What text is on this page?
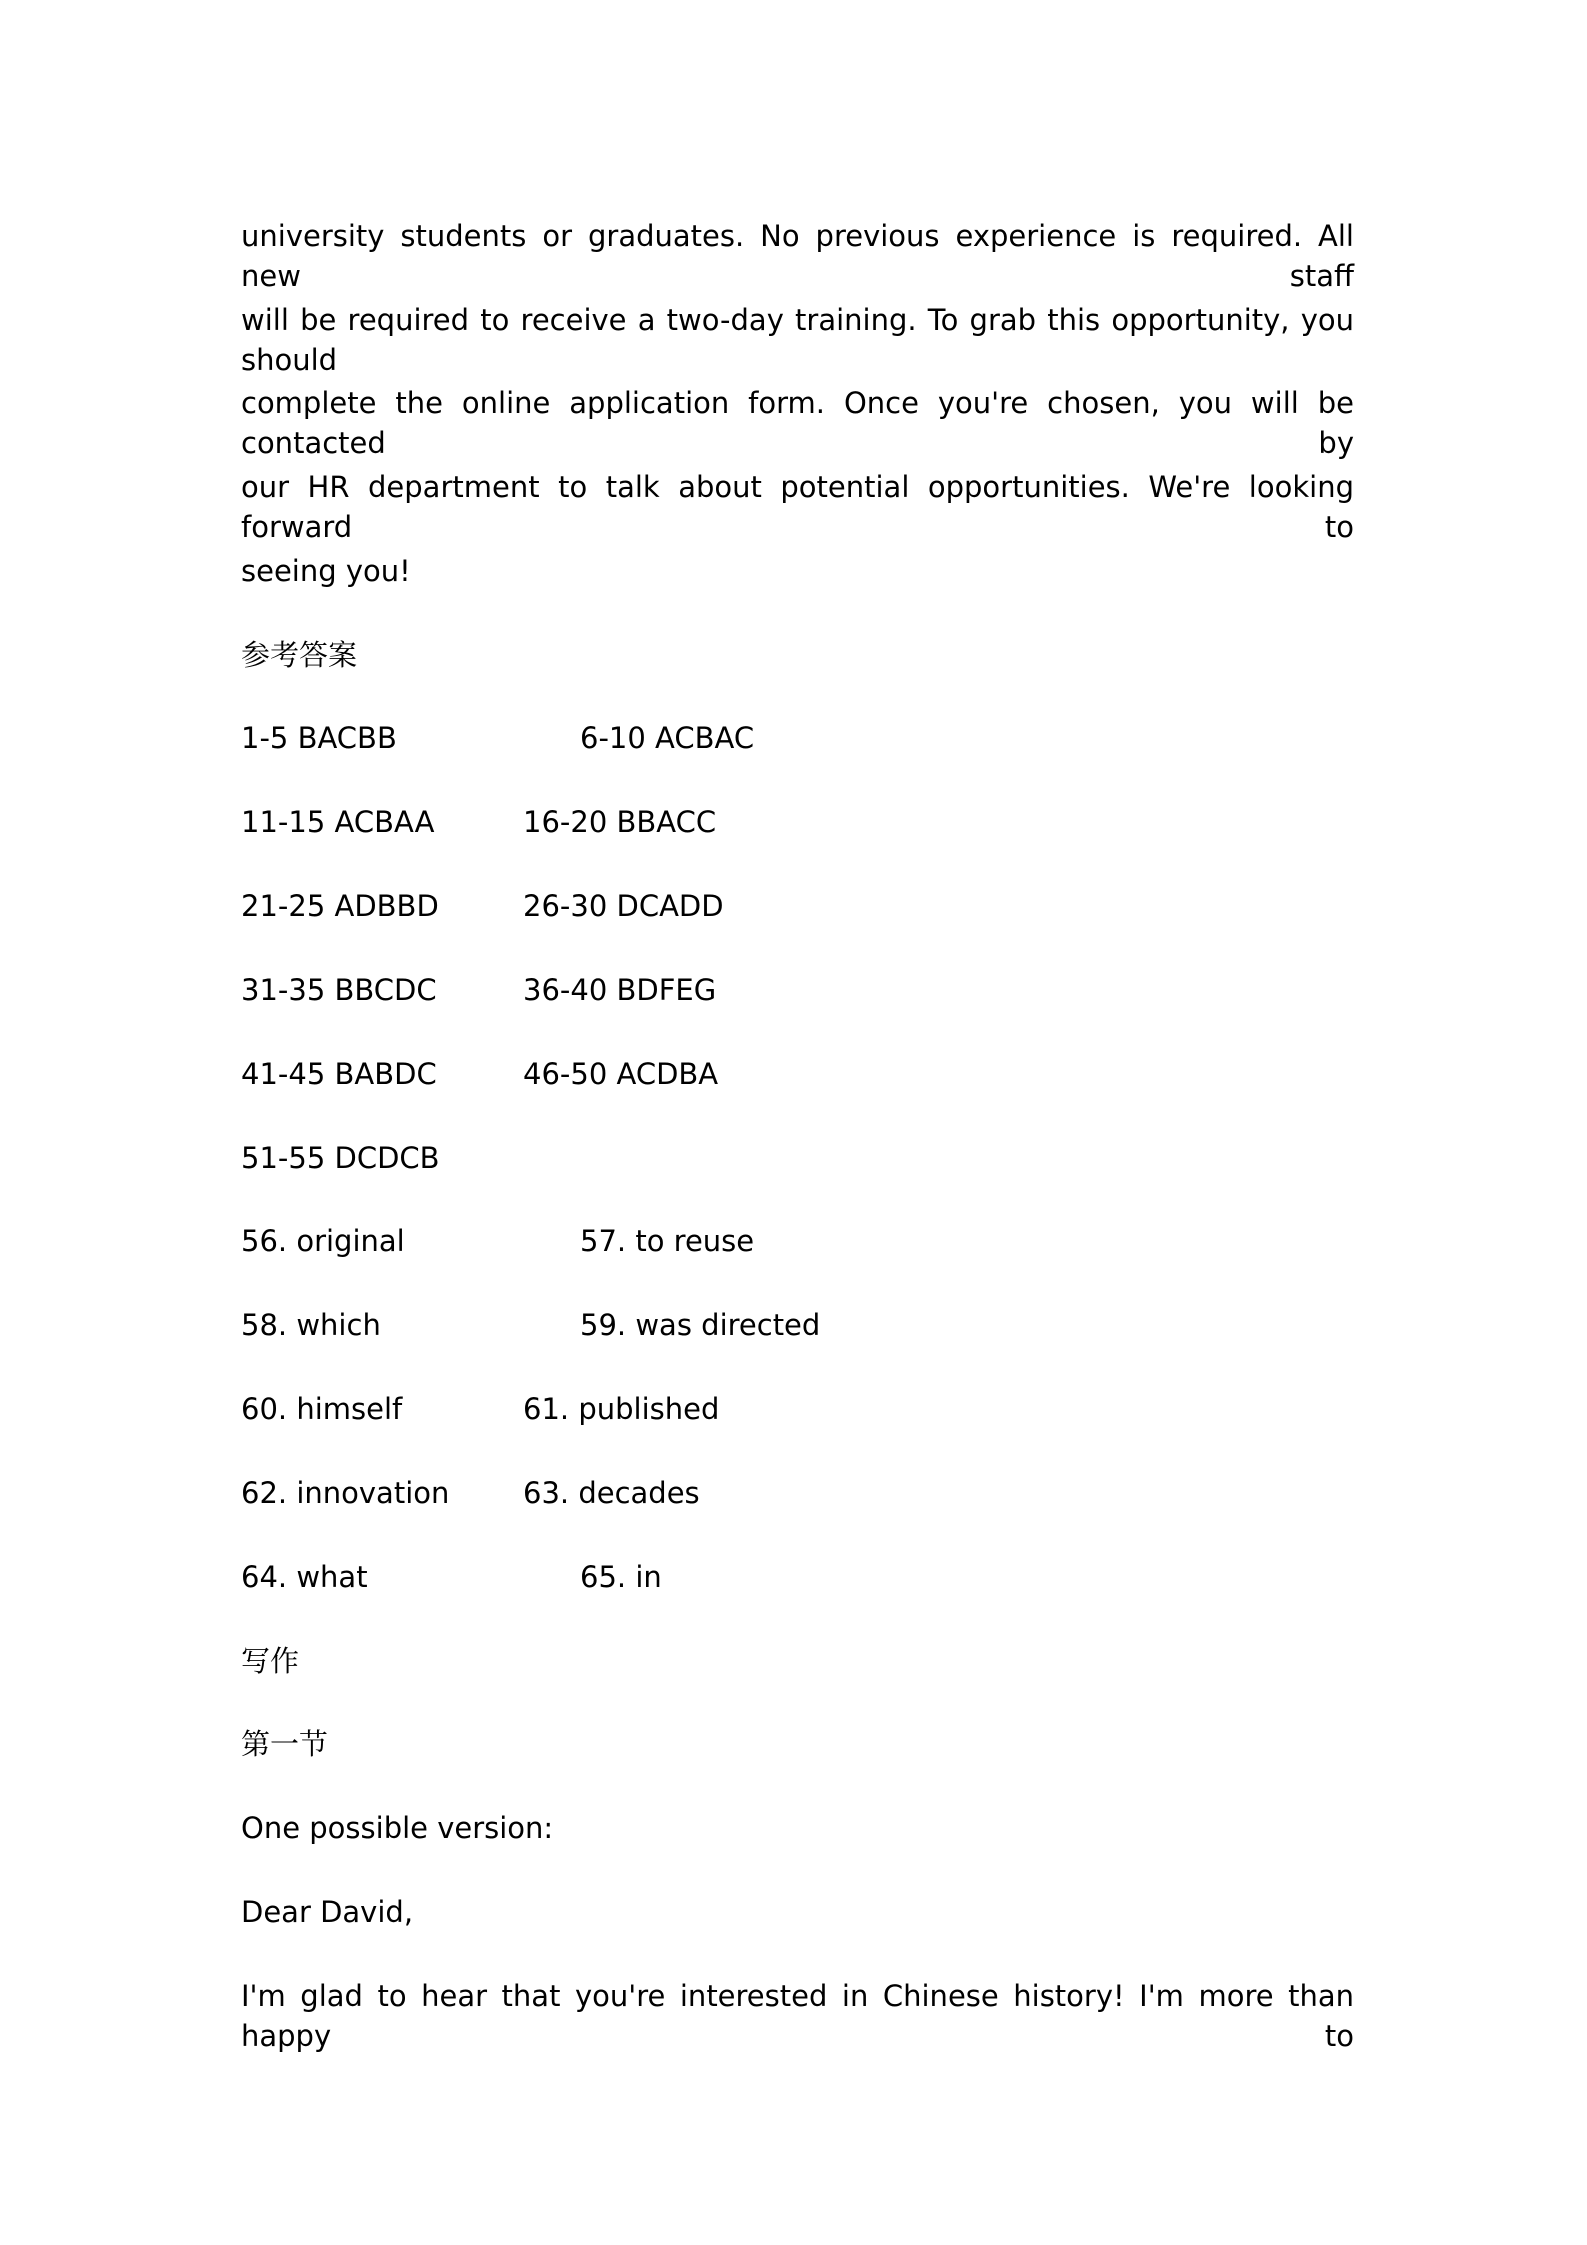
university students or graduates. No previous experience is required. All new staff
will be required to receive a two-day training. To grab this opportunity, you should
complete the online application form. Once you're chosen, you will be contacted by
our HR department to talk about potential opportunities. We're looking forward to
seeing you!
参考答案
1-5 BACBB	6-10 ACBAC
11-15 ACBAA	16-20 BBACC
21-25 ADBBD	26-30 DCADD
31-35 BBCDC	36-40 BDFEG
41-45 BABDC	46-50 ACDBA
51-55 DCDCB
56. original	57. to reuse
58. which	59. was directed
60. himself	61. published
62. innovation	63. decades
64. what	65. in
写作
第一节
One possible version:
Dear David,
I'm glad to hear that you're interested in Chinese history! I'm more than happy to
